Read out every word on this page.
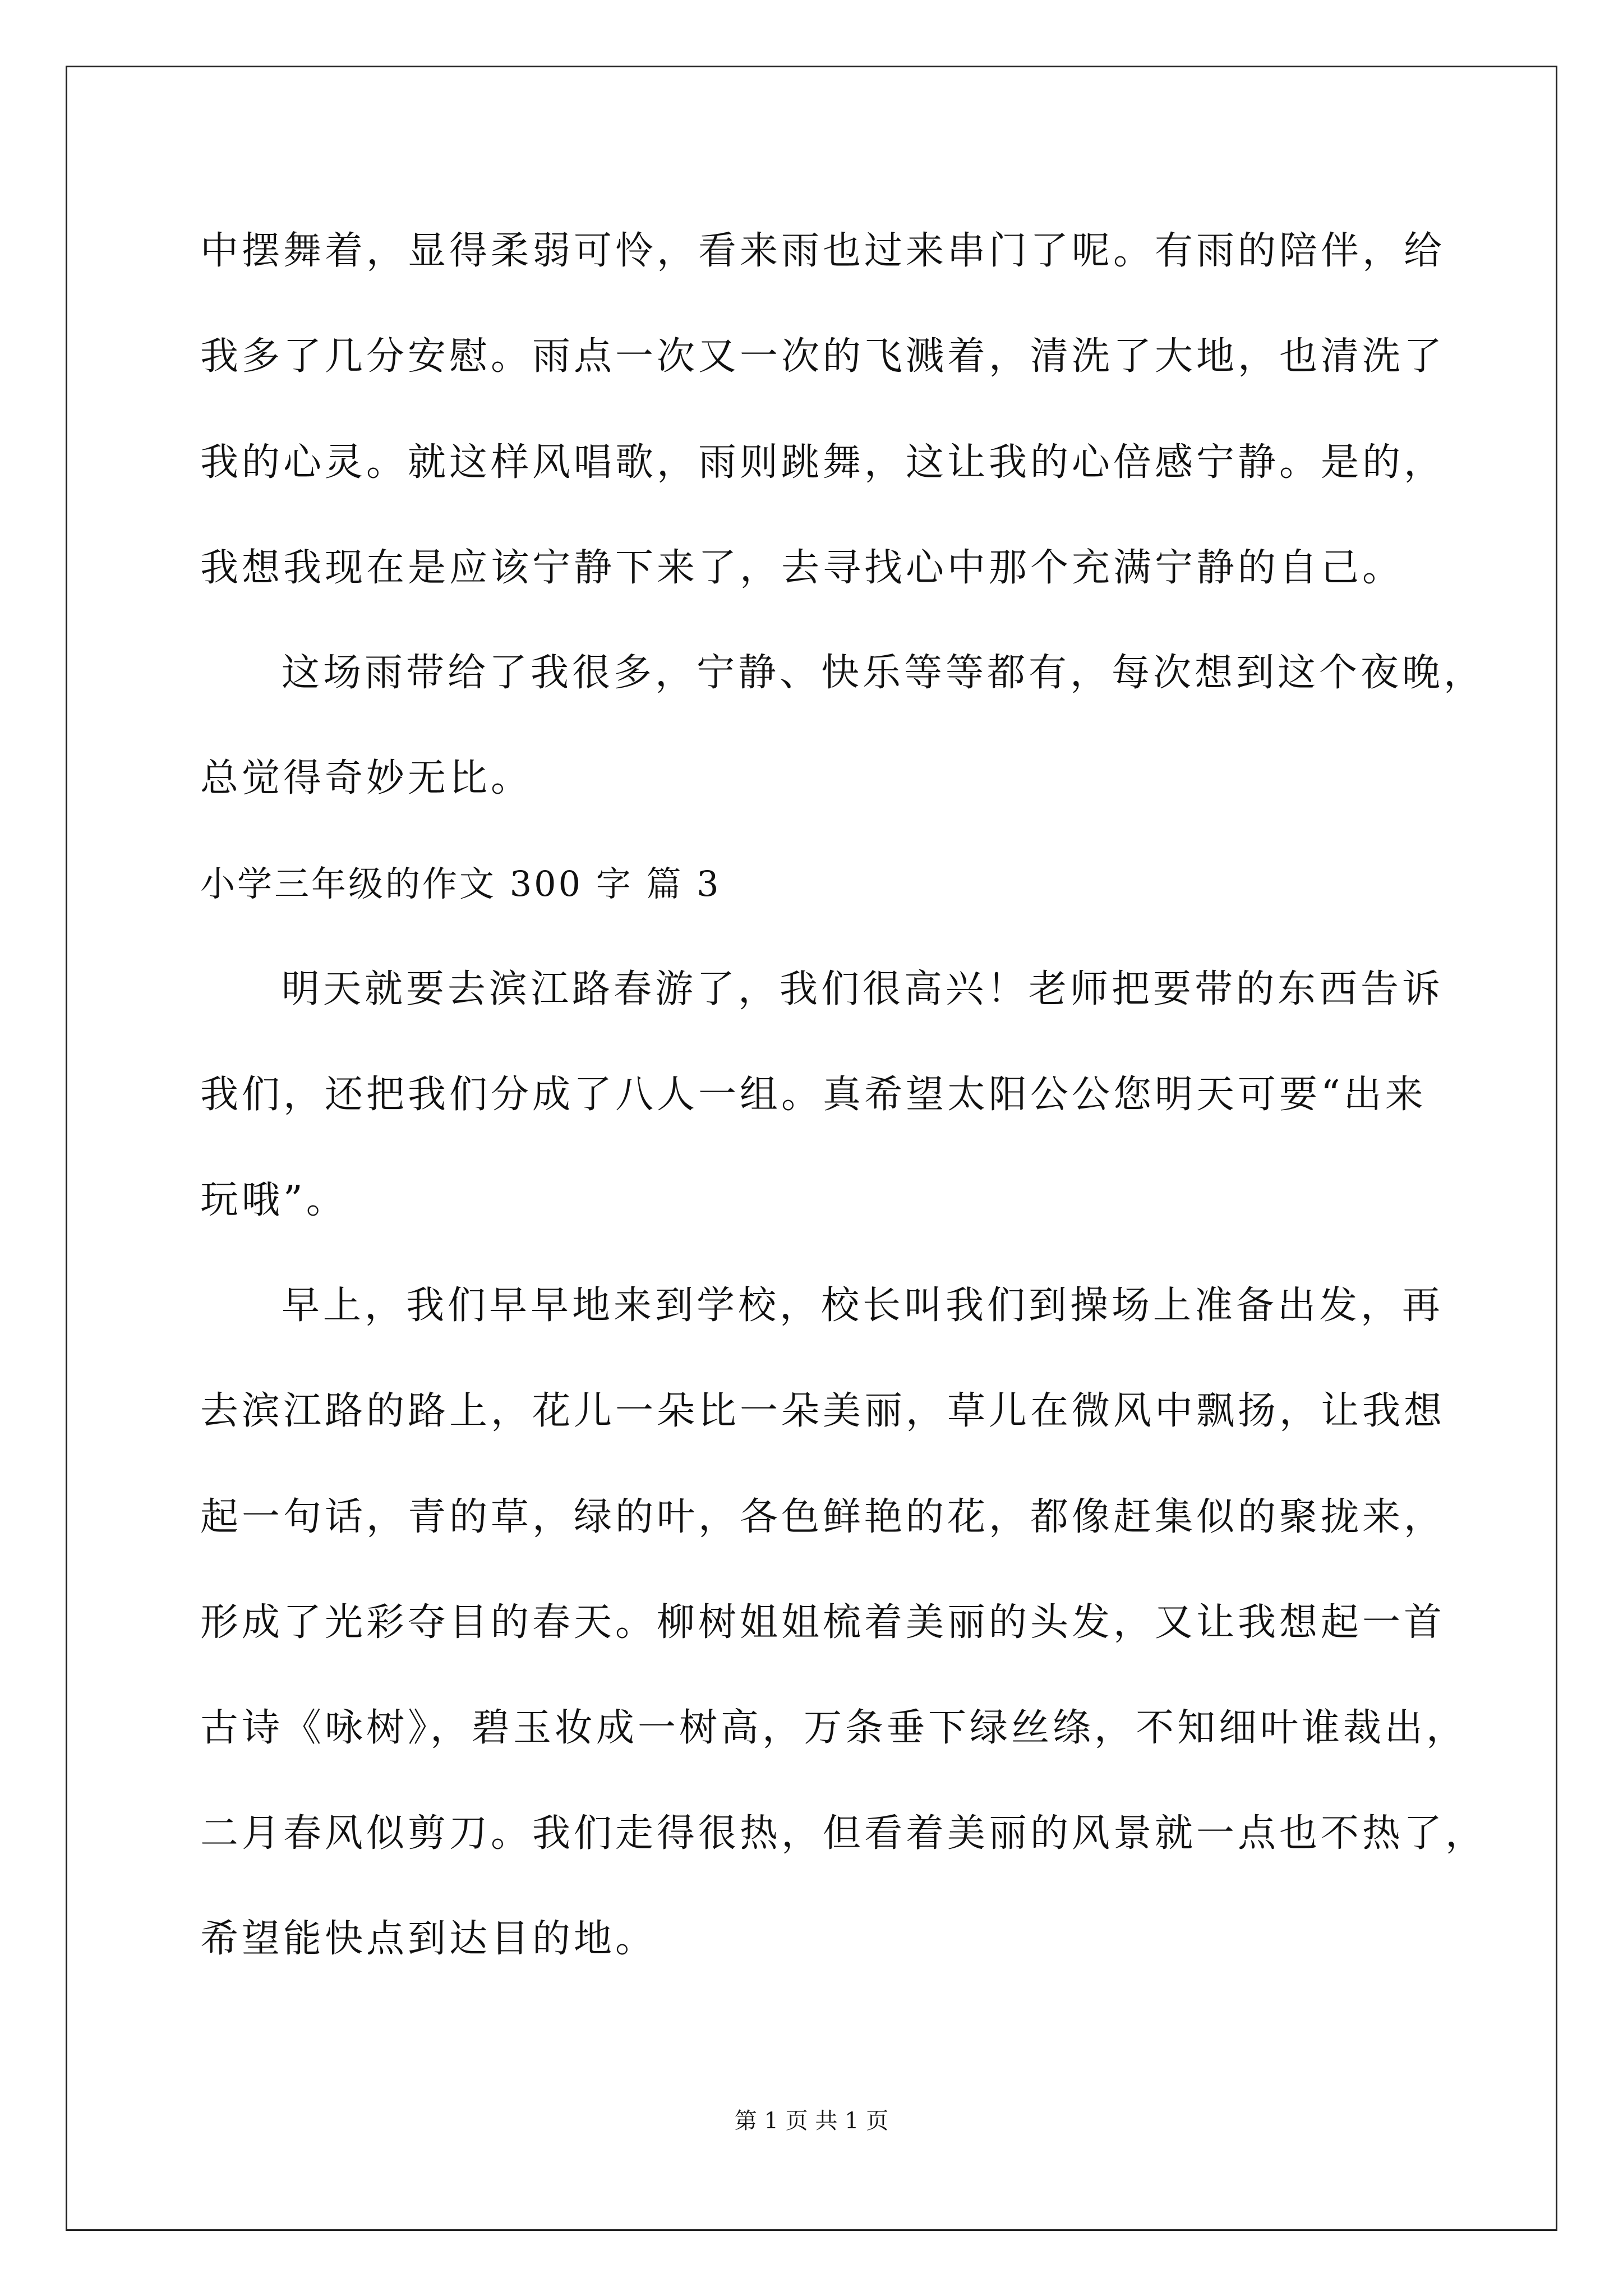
中摆舞着，显得柔弱可怜，看来雨也过来串门了呢。有雨的陪伴，给
我多了几分安慰。雨点一次又一次的飞溅着，清洗了大地，也清洗了
我的心灵。就这样风唱歌，雨则跳舞，这让我的心倍感宁静。是的，
我想我现在是应该宁静下来了，去寻找心中那个充满宁静的自己。
这场雨带给了我很多，宁静、快乐等等都有，每次想到这个夜晚，
总觉得奇妙无比。
小学三年级的作文 300 字 篇 3
明天就要去滨江路春游了，我们很高兴！老师把要带的东西告诉
我们，还把我们分成了八人一组。真希望太阳公公您明天可要“出来
玩哦”。
早上，我们早早地来到学校，校长叫我们到操场上准备出发，再
去滨江路的路上，花儿一朵比一朵美丽，草儿在微风中飘扬，让我想
起一句话，青的草，绿的叶，各色鲜艳的花，都像赶集似的聚拢来，
形成了光彩夺目的春天。柳树姐姐梳着美丽的头发，又让我想起一首
古诗《咏树》，碧玉妆成一树高，万条垂下绿丝绦，不知细叶谁裁出，
二月春风似剪刀。我们走得很热，但看着美丽的风景就一点也不热了，
希望能快点到达目的地。
第 1 页 共 1 页
